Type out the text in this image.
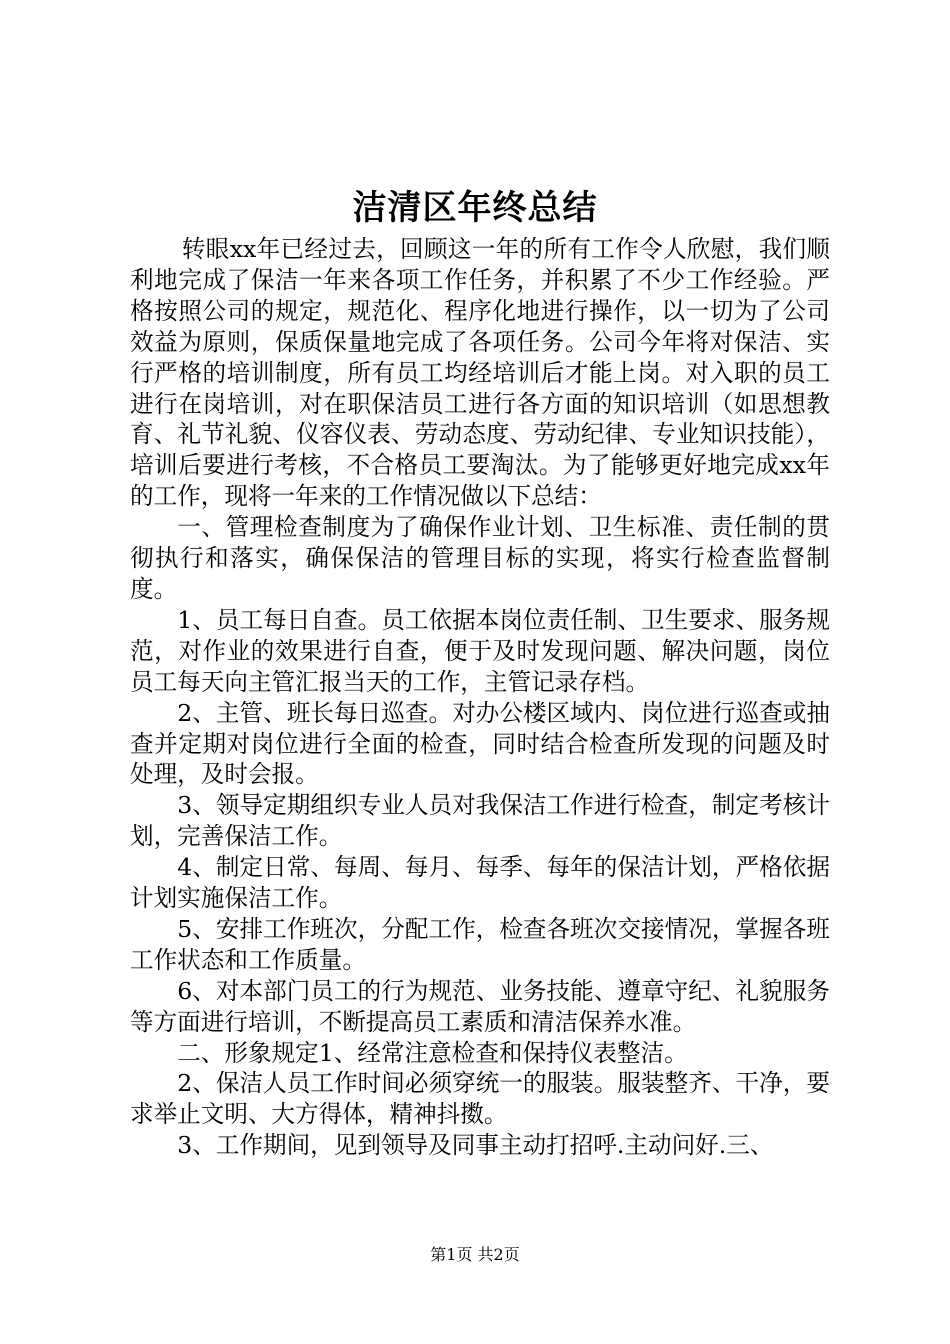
洁清区年终总结

转眼xx年已经过去，回顾这一年的所有工作令人欣慰，我们顺利地完成了保洁一年来各项工作任务，并积累了不少工作经验。严格按照公司的规定，规范化、程序化地进行操作，以一切为了公司效益为原则，保质保量地完成了各项任务。公司今年将对保洁、实行严格的培训制度，所有员工均经培训后才能上岗。对入职的员工进行在岗培训，对在职保洁员工进行各方面的知识培训（如思想教育、礼节礼貌、仪容仪表、劳动态度、劳动纪律、专业知识技能），培训后要进行考核，不合格员工要淘汰。为了能够更好地完成xx年的工作，现将一年来的工作情况做以下总结：

一、管理检查制度为了确保作业计划、卫生标准、责任制的贯彻执行和落实，确保保洁的管理目标的实现，将实行检查监督制度。

1、员工每日自查。员工依据本岗位责任制、卫生要求、服务规范，对作业的效果进行自查，便于及时发现问题、解决问题，岗位员工每天向主管汇报当天的工作，主管记录存档。

2、主管、班长每日巡查。对办公楼区域内、岗位进行巡查或抽查并定期对岗位进行全面的检查，同时结合检查所发现的问题及时处理，及时会报。

3、领导定期组织专业人员对我保洁工作进行检查，制定考核计划，完善保洁工作。

4、制定日常、每周、每月、每季、每年的保洁计划，严格依据计划实施保洁工作。

5、安排工作班次，分配工作，检查各班次交接情况，掌握各班工作状态和工作质量。

6、对本部门员工的行为规范、业务技能、遵章守纪、礼貌服务等方面进行培训，不断提高员工素质和清洁保养水准。

二、形象规定1、经常注意检查和保持仪表整洁。

2、保洁人员工作时间必须穿统一的服装。服装整齐、干净，要求举止文明、大方得体，精神抖擞。

3、工作期间，见到领导及同事主动打招呼.主动问好.三、

第1页 共2页
